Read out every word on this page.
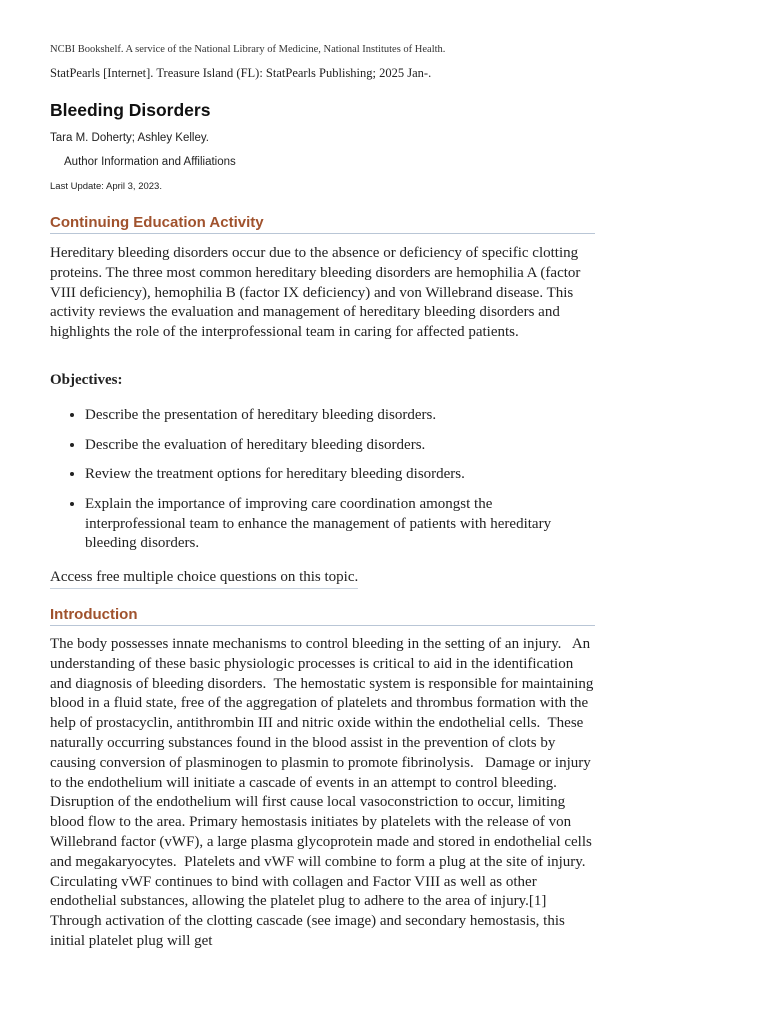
NCBI Bookshelf. A service of the National Library of Medicine, National Institutes of Health.
StatPearls [Internet]. Treasure Island (FL): StatPearls Publishing; 2025 Jan-.
Bleeding Disorders
Tara M. Doherty; Ashley Kelley.
Author Information and Affiliations
Last Update: April 3, 2023.
Continuing Education Activity

Hereditary bleeding disorders occur due to the absence or deficiency of specific clotting proteins. The three most common hereditary bleeding disorders are hemophilia A (factor VIII deficiency), hemophilia B (factor IX deficiency) and von Willebrand disease. This activity reviews the evaluation and management of hereditary bleeding disorders and highlights the role of the interprofessional team in caring for affected patients.

Objectives:

• Describe the presentation of hereditary bleeding disorders.
• Describe the evaluation of hereditary bleeding disorders.
• Review the treatment options for hereditary bleeding disorders.
• Explain the importance of improving care coordination amongst the interprofessional team to enhance the management of patients with hereditary bleeding disorders.
Access free multiple choice questions on this topic.
Introduction

The body possesses innate mechanisms to control bleeding in the setting of an injury.   An understanding of these basic physiologic processes is critical to aid in the identification and diagnosis of bleeding disorders.  The hemostatic system is responsible for maintaining blood in a fluid state, free of the aggregation of platelets and thrombus formation with the help of prostacyclin, antithrombin III and nitric oxide within the endothelial cells.  These naturally occurring substances found in the blood assist in the prevention of clots by causing conversion of plasminogen to plasmin to promote fibrinolysis.   Damage or injury to the endothelium will initiate a cascade of events in an attempt to control bleeding.  Disruption of the endothelium will first cause local vasoconstriction to occur, limiting blood flow to the area. Primary hemostasis initiates by platelets with the release of von Willebrand factor (vWF), a large plasma glycoprotein made and stored in endothelial cells and megakaryocytes.  Platelets and vWF will combine to form a plug at the site of injury.  Circulating vWF continues to bind with collagen and Factor VIII as well as other endothelial substances, allowing the platelet plug to adhere to the area of injury.[1]  Through activation of the clotting cascade (see image) and secondary hemostasis, this initial platelet plug will get
